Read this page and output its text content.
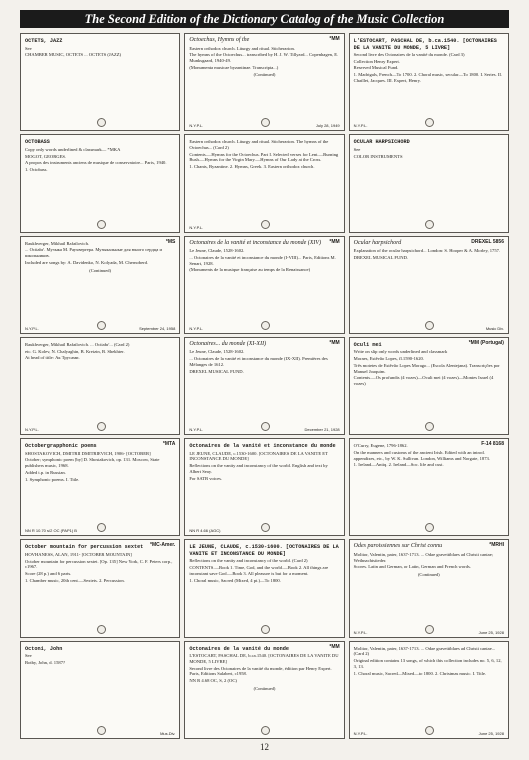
The Second Edition of the Dictionary Catalog of the Music Collection
OCTETS, JAZZ

See

CHAMBER MUSIC, OCTETS ... OCTETS (JAZZ)

*MM
Octoechus, Hymns of the

Eastern orthodox church. Liturgy and ritual. Sticherarion.

The hymns of the Octoechus... transcribed by H. J. W. Tillyard... Copenhagen, E. Munksgaard, 1940-49.

(Monumenta musicae byzantinae. Transcripta...)

(Continued)
N.Y.P.L.	July 28, 1949
L'ESTOCART, PASCHAL DE, b.ca.1540. [OCTONAIRES DE LA VANITE DU MONDE, 5 LIVRE]

Second livre des Octonaires de la vanité du monde. (Card 3)

Collection Henry Expert.

Reserved Musical Fund.

1. Madrigals, French—To 1700. 2. Choral music, secular—To 1800. I. Series. II. Chaillet, Jacques. III. Expert, Henry.

N.Y.P.L.
OCTOBASS

Copy only words underlined & classmark— *MKA

MOGOT, GEORGES.

A propos des instruments anciens de musique de conservatoire... Paris, 1940.

1. Octobass.

Eastern orthodox church. Liturgy and ritual. Sticherarion. The hymns of the Octoechus... (Card 2)

Contents.—Hymns for the Octoechus. Part I. Selected verses for Lent.—Burning Bush.—Hymns for the Virgin Mary.—Hymns of Our Lady at the Cross.

1. Chants, Byzantine. 2. Hymns, Greek. 3. Eastern orthodox church.

N.Y.P.L.
OCULAR HARPSICHORD

See

COLOR INSTRUMENTS

*MS

Raukhverger, Mikhail Rafailovich.

... Octiabr'. Музыка М. Раухвергера. Музыкальные для юного сердца и школьников.

Included are songs by: A. Davidenko, N. Kolyada, M. Chernoberd.

(Continued)
N.Y.P.L.	September 24, 1958
*MM
Octonaires de la vanité et inconstance du monde (XIV)

Le Jeune, Claude, 1528-1602.

... Octonaires de la vanité et inconstance du monde (I-VIII)... Paris, Editions M. Senart, 1928.

(Monuments de la musique française au temps de la Renaissance)

N.Y.P.L.
DREXEL 5856
Ocular harpsichord

Explanation of the ocular harpsichord... London: S. Hooper & A. Morley, 1757.

DREXEL MUSICAL FUND.

Music Div.

Raukhverger, Mikhail Rafailovich. ... Octiabr'... (Card 2)

etc. G. Kolev, N. Chalyaghin, B. Kreizin, B. Shekhter.

At head of title: Ак Трусами.

N.Y.P.L.
*MM
Octonaires... du monde (XI-XII)

Le Jeune, Claude, 1528-1602.

... Octonaires de la vanité et inconstance du monde (IX-XII). Premières des Mélanges de 1612.

DREXEL MUSICAL FUND.

N.Y.P.L.	December 21, 1928
*MM (Portugal)
Oculi mei

Write on slip only words underlined and classmark

Moraes, Estêvão Lopes, fl.1590-1620.

Três motetes de Estêvão Lopes Morago... (Escola Alentejana). Transcrições por Manuel Joaquim.

Contents.—Os profundis (4 vozes)—Oculi mei (4 vozes)—Montes Israel (4 vozes)

*MTA
Octobergrapphonic poems

SHOSTAKOVICH, DMITRII DMITRIEVICH, 1906- [OCTOBER]

October; symphonic poem [by] D. Shostakovich, op. 131. Moscow, State publishers music, 1968.

Added t.p. in Russian.

1. Symphonic poems. I. Title.

NN R 10.70 s/2 OC (PAP1) B
Octonaires de la vanité et inconstance du monde

LE JEUNE, CLAUDE, c.1530-1600. [OCTONAIRES DE LA VANITE ET INCONSTANCE DU MONDE]

Reflections on the vanity and inconstancy of the world. English and text by Albert Seay.

For SATB voices.

NN R 4.66 (AGC)
F-14 8168

O'Curry, Eugene, 1796-1862.

On the manners and customs of the ancient Irish. Edited with an introd. appendixes, etc., by W. K. Sullivan. London, Williams and Norgate, 1873.

1. Ireland—Antiq. 2. Ireland—Soc. life and cust.

*MC-Amer.
October mountain for percussion sextet

HOVHANESS, ALAN, 1911- [OCTOBER MOUNTAIN]

October mountain for percussion sextet. [Op. 135] New York, C. F. Peters corp., c1967.

Score (28 p.) and 6 parts.

1. Chamber music, 20th cent.—Sextets. 2. Percussion.

LE JEUNE, CLAUDE, c.1530-1600. [OCTONAIRES DE LA VANITE ET INCONSTANCE DU MONDE]

Reflections on the vanity and inconstancy of the world. (Card 2)

CONTENTS.—Book 1. Time, God, and the world.—Book 2. All things are inconstant save God.—Book 3. All pleasure is but for a moment.

1. Choral music, Sacred (Mixed, 4 pt.)—To 1800.

*MRHI
Odes paroissiennes sur Christ connu

Molitor, Valentin, pater, 1637-1713. ... Odae gravettiblaes ad Christi cantae; Weihnachtsiieder.

Scores. Latin and German, or Latin, German and French words.

(Continued)
N.Y.P.L.	June 25, 1928
Octoni, John

See

Botby, John, d. 1587?

Mus.Div.
*MM
Octonaires de la vanité du monde

L'ESTOCART, PASCHAL DE, b.ca.1540. [OCTONAIRES DE LA VANITE DU MONDE, 5 LIVRE]

Second livre des Octonaires de la vanité du monde, édition par Henry Expert. Paris, Editions Salabert, c1958.

NN R 4.68 OC, S, 2 (OC)

(Continued)

Molitor, Valentin, pater, 1637-1713. ... Odae gravettiblaes ad Christi cantae... (Card 2)

Original edition contains 13 songs, of which this collection includes no. 5, 6, 12, 3, 13.

1. Choral music, Sacred—Mixed—to 1800. 2. Christmas music. I. Title.

N.Y.P.L.	June 25, 1928
12
